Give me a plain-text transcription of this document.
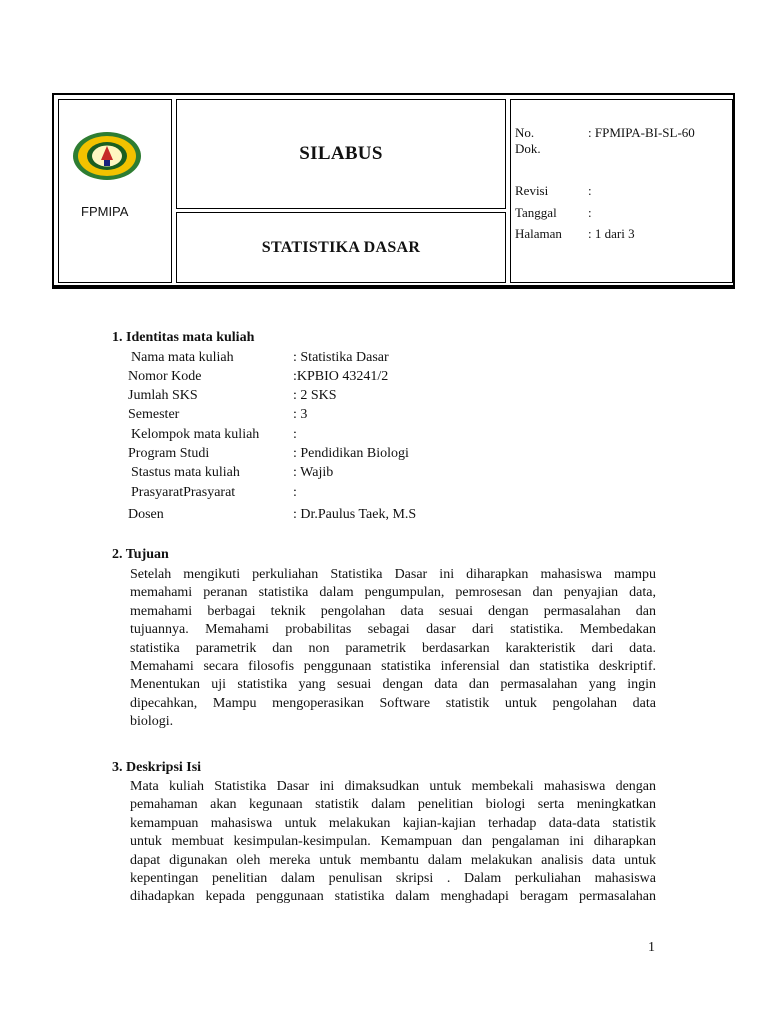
FPMIPA
SILABUS
STATISTIKA DASAR
No. Dok.
: FPMIPA-BI-SL-60
Revisi	:
Tanggal :
Halaman : 1 dari 3
1. Identitas mata kuliah
Nama mata kuliah	: Statistika Dasar
Nomor Kode	:KPBIO 43241/2
Jumlah SKS	: 2 SKS
Semester	: 3
Kelompok mata kuliah :
Program Studi	: Pendidikan Biologi
Stastus mata kuliah	: Wajib
PrasyaratPrasyarat	:
Dosen	: Dr.Paulus Taek, M.S
2. Tujuan
Setelah mengikuti perkuliahan Statistika Dasar ini diharapkan mahasiswa mampu
memahami peranan statistika dalam pengumpulan, pemrosesan dan penyajian data,
memahami berbagai teknik pengolahan data sesuai dengan permasalahan dan
tujuannya. Memahami probabilitas sebagai dasar dari statistika. Membedakan
statistika parametrik dan non parametrik berdasarkan karakteristik dari data.
Memahami secara filosofis penggunaan statistika inferensial dan statistika deskriptif.
Menentukan uji statistika yang sesuai dengan data dan permasalahan yang ingin
dipecahkan, Mampu mengoperasikan Software statistik untuk pengolahan data
biologi.
3. Deskripsi Isi
Mata kuliah Statistika Dasar ini dimaksudkan untuk membekali mahasiswa dengan
pemahaman akan kegunaan statistik dalam penelitian biologi serta meningkatkan
kemampuan mahasiswa untuk melakukan kajian-kajian terhadap data-data statistik
untuk membuat kesimpulan-kesimpulan. Kemampuan dan pengalaman ini diharapkan
dapat digunakan oleh mereka untuk membantu dalam melakukan analisis data untuk
kepentingan penelitian dalam penulisan skripsi . Dalam perkuliahan mahasiswa
dihadapkan kepada penggunaan statistika dalam menghadapi beragam permasalahan
1
